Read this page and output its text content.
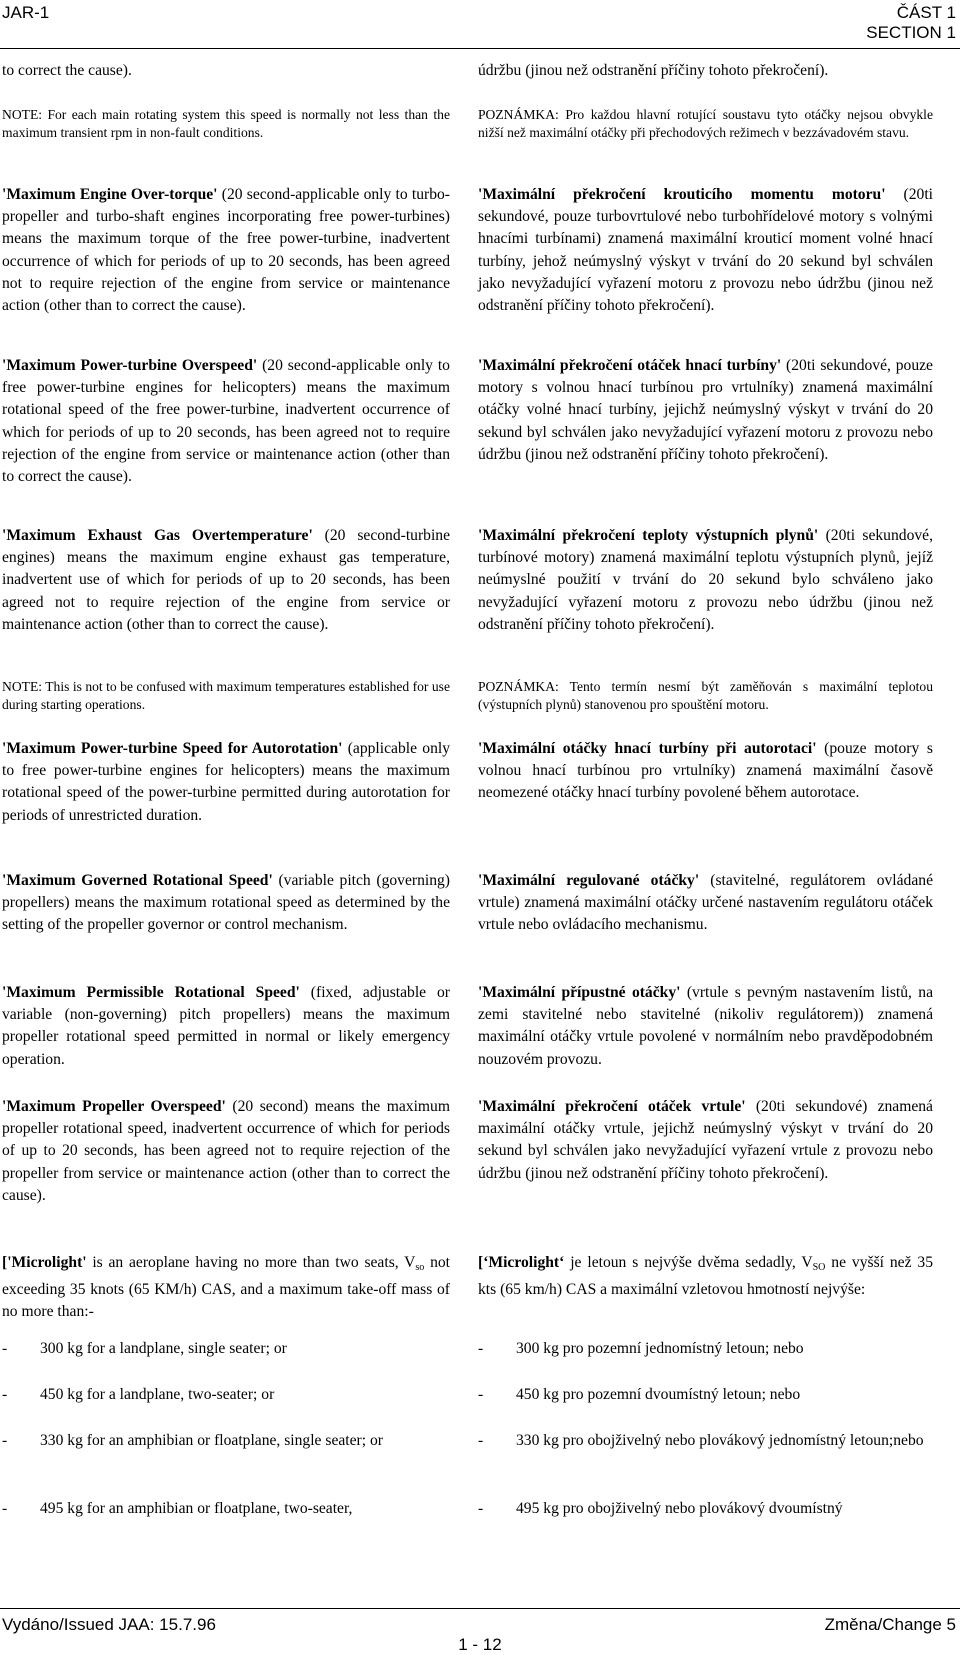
JAR-1	ČÁST 1
SECTION 1

to correct the cause).

NOTE: For each main rotating system this speed is normally not less than the maximum transient rpm in non-fault conditions.

'Maximum Engine Over-torque' (20 second-applicable only to turbo-propeller and turbo-shaft engines incorporating free power-turbines) means the maximum torque of the free power-turbine, inadvertent occurrence of which for periods of up to 20 seconds, has been agreed not to require rejection of the engine from service or maintenance action (other than to correct the cause).

'Maximum Power-turbine Overspeed' (20 second-applicable only to free power-turbine engines for helicopters) means the maximum rotational speed of the free power-turbine, inadvertent occurrence of which for periods of up to 20 seconds, has been agreed not to require rejection of the engine from service or maintenance action (other than to correct the cause).

'Maximum Exhaust Gas Overtemperature' (20 second-turbine engines) means the maximum engine exhaust gas temperature, inadvertent use of which for periods of up to 20 seconds, has been agreed not to require rejection of the engine from service or maintenance action (other than to correct the cause).

NOTE: This is not to be confused with maximum temperatures established for use during starting operations.

'Maximum Power-turbine Speed for Autorotation' (applicable only to free power-turbine engines for helicopters) means the maximum rotational speed of the power-turbine permitted during autorotation for periods of unrestricted duration.

'Maximum Governed Rotational Speed' (variable pitch (governing) propellers) means the maximum rotational speed as determined by the setting of the propeller governor or control mechanism.

'Maximum Permissible Rotational Speed' (fixed, adjustable or variable (non-governing) pitch propellers) means the maximum propeller rotational speed permitted in normal or likely emergency operation.

'Maximum Propeller Overspeed' (20 second) means the maximum propeller rotational speed, inadvertent occurrence of which for periods of up to 20 seconds, has been agreed not to require rejection of the propeller from service or maintenance action (other than to correct the cause).

['Microlight' is an aeroplane having no more than two seats, $V_{so}$ not exceeding 35 knots (65 KM/h) CAS, and a maximum take-off mass of no more than:-

- 300 kg for a landplane, single seater; or
- 450 kg for a landplane, two-seater; or
- 330 kg for an amphibian or floatplane, single seater; or
- 495 kg for an amphibian or floatplane, two-seater,

údržbu (jinou než odstranění příčiny tohoto překročení).

POZNÁMKA: Pro každou hlavní rotující soustavu tyto otáčky nejsou obvykle nižší než maximální otáčky při přechodových režimech v bezzávadovém stavu.

'Maximální překročení krouticího momentu motoru' (20ti sekundové, pouze turbovrtulové nebo turbohřídelové motory s volnými hnacími turbínami) znamená maximální krouticí moment volné hnací turbíny, jehož neúmyslný výskyt v trvání do 20 sekund byl schválen jako nevyžadující vyřazení motoru z provozu nebo údržbu (jinou než odstranění příčiny tohoto překročení).

'Maximální překročení otáček hnací turbíny' (20ti sekundové, pouze motory s volnou hnací turbínou pro vrtulníky) znamená maximální otáčky volné hnací turbíny, jejichž neúmyslný výskyt v trvání do 20 sekund byl schválen jako nevyžadující vyřazení motoru z provozu nebo údržbu (jinou než odstranění příčiny tohoto překročení).

'Maximální překročení teploty výstupních plynů' (20ti sekundové, turbínové motory) znamená maximální teplotu výstupních plynů, jejíž neúmyslné použití v trvání do 20 sekund bylo schváleno jako nevyžadující vyřazení motoru z provozu nebo údržbu (jinou než odstranění příčiny tohoto překročení).

POZNÁMKA: Tento termín nesmí být zaměňován s maximální teplotou (výstupních plynů) stanovenou pro spouštění motoru.

'Maximální otáčky hnací turbíny při autorotaci' (pouze motory s volnou hnací turbínou pro vrtulníky) znamená maximální časově neomezené otáčky hnací turbíny povolené během autorotace.

'Maximální regulované otáčky' (stavitelné, regulátorem ovládané vrtule) znamená maximální otáčky určené nastavením regulátoru otáček vrtule nebo ovládacího mechanismu.

'Maximální přípustné otáčky' (vrtule s pevným nastavením listů, na zemi stavitelné nebo stavitelné (nikoliv regulátorem)) znamená maximální otáčky vrtule povolené v normálním nebo pravděpodobném nouzovém provozu.

'Maximální překročení otáček vrtule' (20ti sekundové) znamená maximální otáčky vrtule, jejichž neúmyslný výskyt v trvání do 20 sekund byl schválen jako nevyžadující vyřazení vrtule z provozu nebo údržbu (jinou než odstranění příčiny tohoto překročení).

[‘Microlight‘ je letoun s nejvýše dvěma sedadly, $V_{SO}$ ne vyšší než 35 kts (65 km/h) CAS a maximální vzletovou hmotností nejvýše:

- 300 kg pro pozemní jednomístný letoun; nebo
- 450 kg pro pozemní dvoumístný letoun; nebo
- 330 kg pro obojživelný nebo plovákový jednomístný letoun;nebo
- 495 kg pro obojživelný nebo plovákový dvoumístný
Vydáno/Issued JAA: 15.7.96	Změna/Change 5
1 - 12
